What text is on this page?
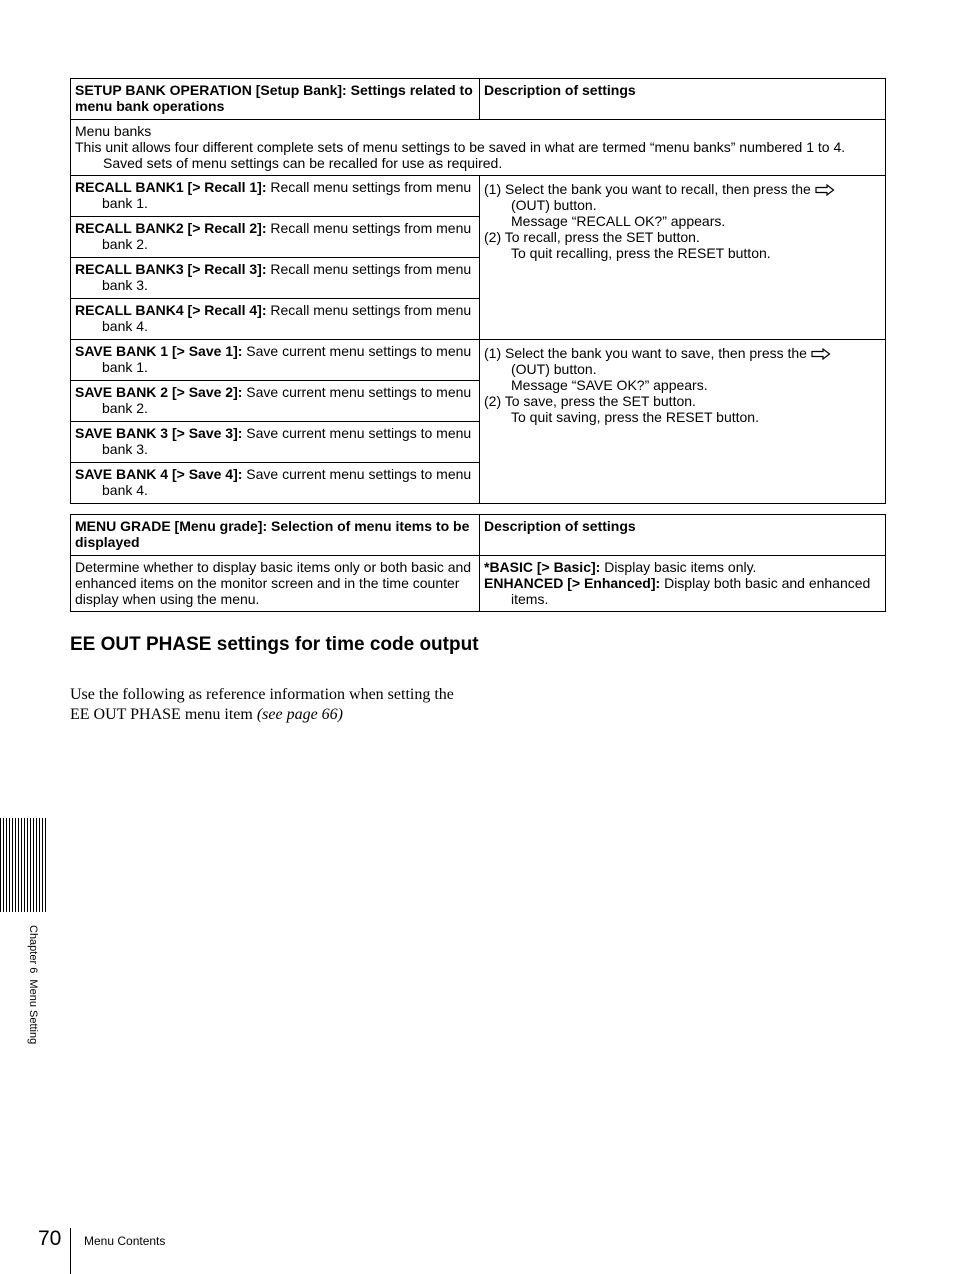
SETUP BANK OPERATION [Setup Bank]: Settings related to menu bank operations	Description of settings

Menu banks
This unit allows four different complete sets of menu settings to be saved in what are termed “menu banks” numbered 1 to 4.
Saved sets of menu settings can be recalled for use as required.	

RECALL BANK1 [> Recall 1]: Recall menu settings from menu bank 1.	(1) Select the bank you want to recall, then press the
(OUT) button.
Message “RECALL OK?” appears.
(2) To recall, press the SET button.
To quit recalling, press the RESET button.

RECALL BANK2 [> Recall 2]: Recall menu settings from menu bank 2.	

RECALL BANK3 [> Recall 3]: Recall menu settings from menu bank 3.	

RECALL BANK4 [> Recall 4]: Recall menu settings from menu bank 4.	

SAVE BANK 1 [> Save 1]: Save current menu settings to menu bank 1.	(1) Select the bank you want to save, then press the
(OUT) button.
Message “SAVE OK?” appears.
(2) To save, press the SET button.
To quit saving, press the RESET button.

SAVE BANK 2 [> Save 2]: Save current menu settings to menu bank 2.	

SAVE BANK 3 [> Save 3]: Save current menu settings to menu bank 3.	

SAVE BANK 4 [> Save 4]: Save current menu settings to menu bank 4.	
MENU GRADE [Menu grade]: Selection of menu items to be displayed	Description of settings
Determine whether to display basic items only or both basic and enhanced items on the monitor screen and in the time counter display when using the menu.	*BASIC [> Basic]: Display basic items only.
ENHANCED [> Enhanced]: Display both basic and enhanced items.
EE OUT PHASE settings for time code output
Use the following as reference information when setting the EE OUT PHASE menu item (see page 66)
Chapter 6  Menu Setting
70 Menu Contents
